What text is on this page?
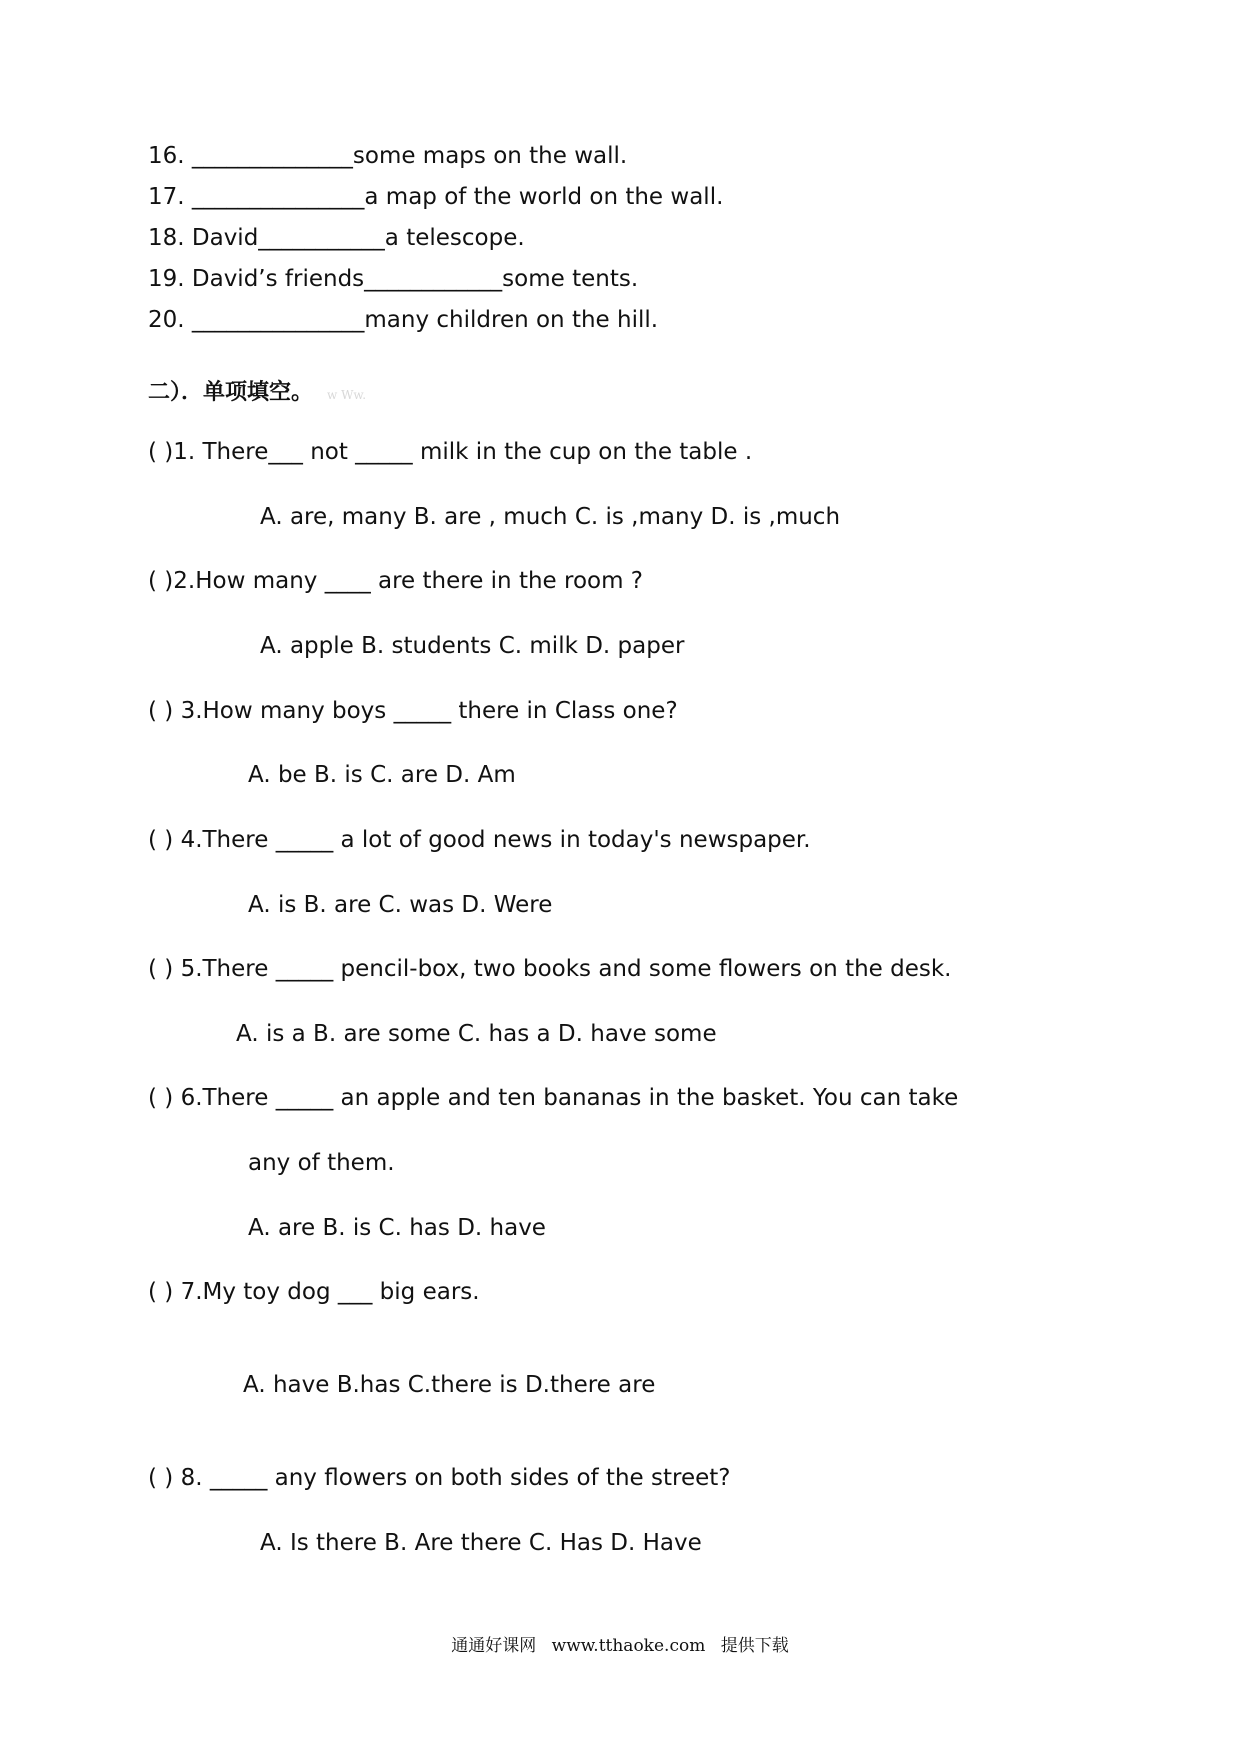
16. ______________some maps on the wall.
17. _______________a map of the world on the wall.
18. David___________a telescope.
19. David’s friends____________some tents.
20. _______________many children on the hill.
二）．单项填空。 w Ww.
( )1. There___ not _____ milk in the cup on the table .
A. are, many B. are , much C. is ,many D. is ,much
( )2.How many ____ are there in the room ?
A. apple B. students C. milk D. paper
( ) 3.How many boys _____ there in Class one?
A. be B. is C. are D. Am
( ) 4.There _____ a lot of good news in today's newspaper.
A. is B. are C. was D. Were
( ) 5.There _____ pencil-box, two books and some flowers on the desk.
A. is a B. are some C. has a D. have some
( ) 6.There _____ an apple and ten bananas in the basket. You can take
any of them.
A. are B. is C. has D. have
( ) 7.My toy dog ___ big ears.
A. have B.has C.there is D.there are
( ) 8. _____ any flowers on both sides of the street?
A. Is there B. Are there C. Has D. Have
通通好课网 www.tthaoke.com 提供下载
